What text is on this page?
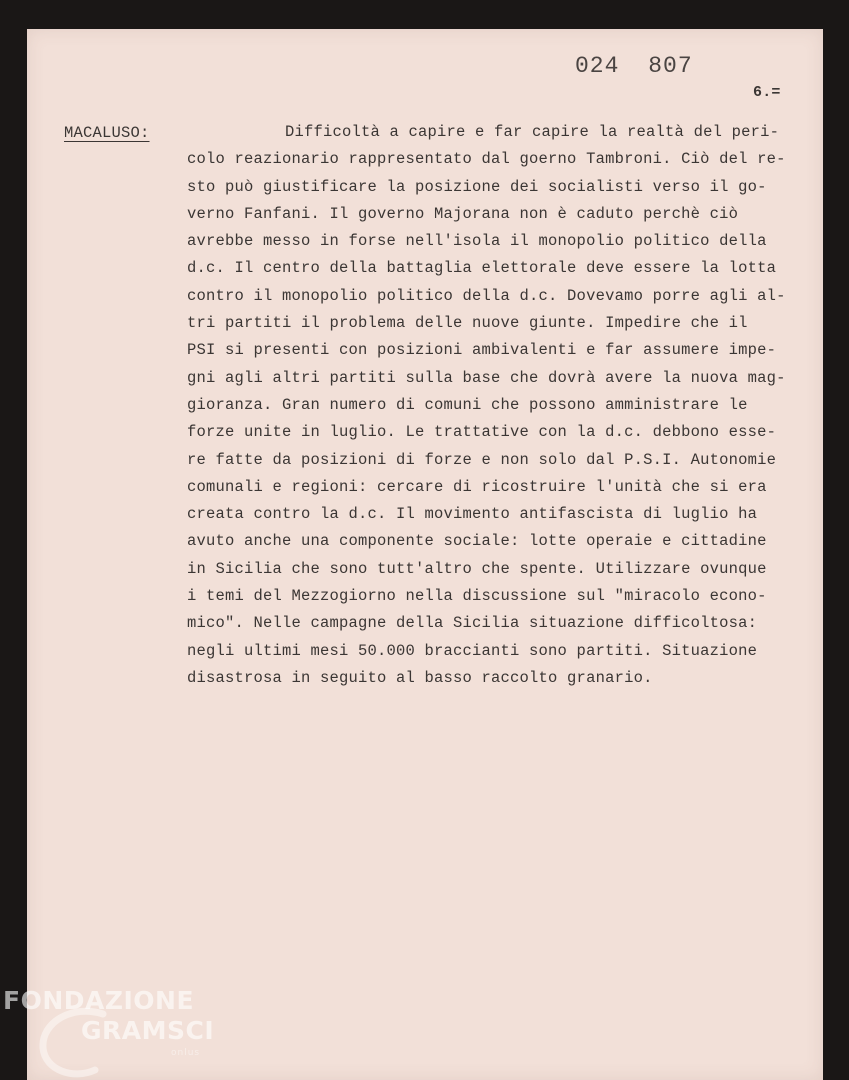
024 807
6.=
MACALUSO:	Difficoltà a capire e far capire la realtà del peri-
colo reazionario rappresentato dal goerno Tambroni. Ciò del re-
sto può giustificare la posizione dei socialisti verso il go-
verno Fanfani. Il governo Majorana non è caduto perchè ciò
avrebbe messo in forse nell'isola il monopolio politico della
d.c. Il centro della battaglia elettorale deve essere la lotta
contro il monopolio politico della d.c. Dovevamo porre agli al-
tri partiti il problema delle nuove giunte. Impedire che il
PSI si presenti con posizioni ambivalenti e far assumere impe-
gni agli altri partiti sulla base che dovrà avere la nuova mag-
gioranza. Gran numero di comuni che possono amministrare le
forze unite in luglio. Le trattative con la d.c. debbono esse-
re fatte da posizioni di forze e non solo dal P.S.I. Autonomie
comunali e regioni: cercare di ricostruire l'unità che si era
creata contro la d.c. Il movimento antifascista di luglio ha
avuto anche una componente sociale: lotte operaie e cittadine
in Sicilia che sono tutt'altro che spente. Utilizzare ovunque
i temi del Mezzogiorno nella discussione sul "miracolo econo-
mico". Nelle campagne della Sicilia situazione difficoltosa:
negli ultimi mesi 50.000 braccianti sono partiti. Situazione
disastrosa in seguito al basso raccolto granario.

FONDAZIONE
GRAMSCI
onlus
